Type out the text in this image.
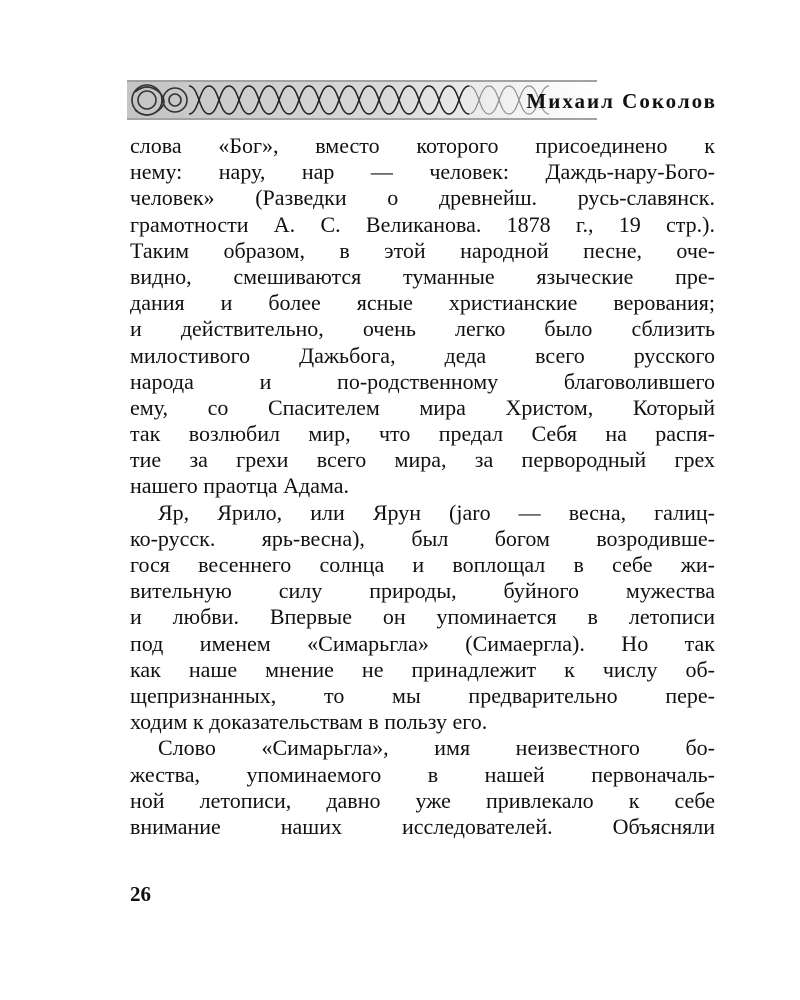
Михаил Соколов
слова «Бог», вместо которого присоединено к
нему: нару, нар — человек: Даждь-нару-Бого-
человек» (Разведки о древнейш. русь-славянск.
грамотности А. С. Великанова. 1878 г., 19 стр.).
Таким образом, в этой народной песне, оче-
видно, смешиваются туманные языческие пре-
дания и более ясные христианские верования;
и действительно, очень легко было сблизить
милостивого Дажьбога, деда всего русского
народа и по-родственному благоволившего
ему, со Спасителем мира Христом, Который
так возлюбил мир, что предал Себя на распя-
тие за грехи всего мира, за первородный грех
нашего праотца Адама.
Яр, Ярило, или Ярун (jaro — весна, галиц-
ко-русск. ярь-весна), был богом возродивше-
гося весеннего солнца и воплощал в себе жи-
вительную силу природы, буйного мужества
и любви. Впервые он упоминается в летописи
под именем «Симарьгла» (Симаергла). Но так
как наше мнение не принадлежит к числу об-
щепризнанных, то мы предварительно пере-
ходим к доказательствам в пользу его.
Слово «Симарьгла», имя неизвестного бо-
жества, упоминаемого в нашей первоначаль-
ной летописи, давно уже привлекало к себе
внимание наших исследователей. Объясняли
26
